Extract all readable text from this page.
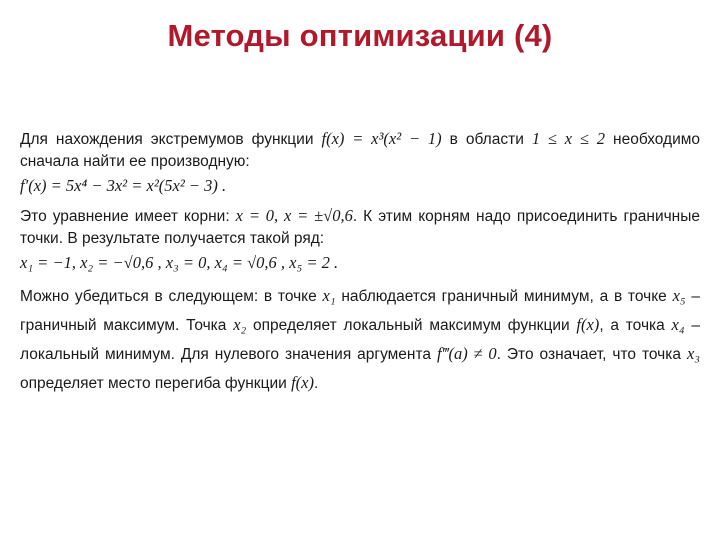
Методы оптимизации (4)

Для нахождения экстремумов функции f(x) = x³(x² − 1) в области 1 ≤ x ≤ 2 необходимо сначала найти ее производную:

f′(x) = 5x⁴ − 3x² = x²(5x² − 3) .

Это уравнение имеет корни: x = 0, x = ±√0,6. К этим корням надо присоединить граничные точки. В результате получается такой ряд:

x₁ = −1, x₂ = −√0,6 , x₃ = 0, x₄ = √0,6 , x₅ = 2 .

Можно убедиться в следующем: в точке x₁ наблюдается граничный минимум, а в точке x₅ – граничный максимум. Точка x₂ определяет локальный максимум функции f(x), а точка x₄ – локальный минимум. Для нулевого значения аргумента f‴(a) ≠ 0. Это означает, что точка x₃ определяет место перегиба функции f(x).
